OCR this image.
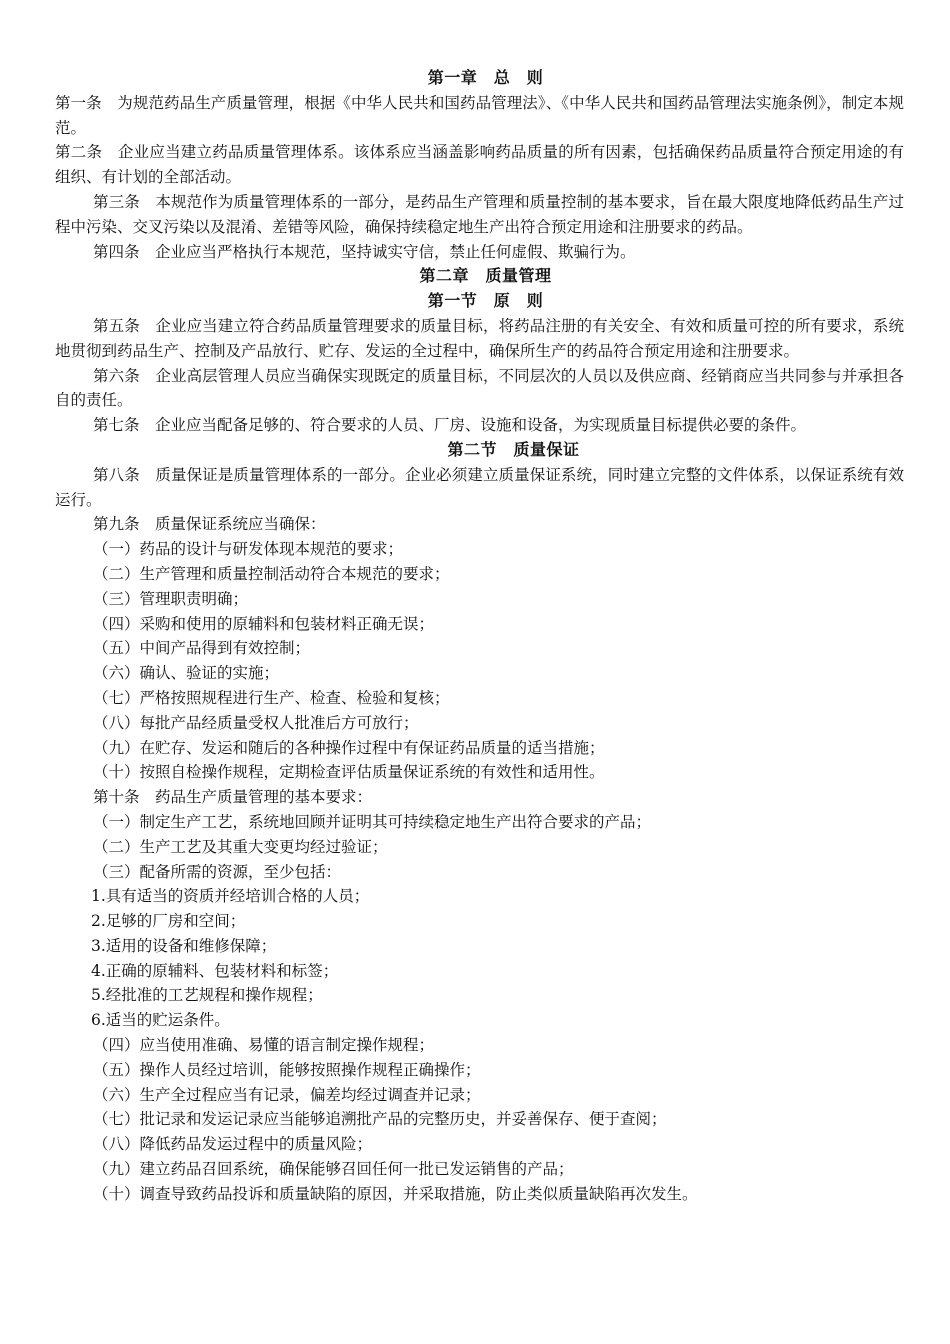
第一章　总　则

第一条　为规范药品生产质量管理，根据《中华人民共和国药品管理法》、《中华人民共和国药品管理法实施条例》，制定本规范。

第二条　企业应当建立药品质量管理体系。该体系应当涵盖影响药品质量的所有因素，包括确保药品质量符合预定用途的有组织、有计划的全部活动。

第三条　本规范作为质量管理体系的一部分，是药品生产管理和质量控制的基本要求，旨在最大限度地降低药品生产过程中污染、交叉污染以及混淆、差错等风险，确保持续稳定地生产出符合预定用途和注册要求的药品。

第四条　企业应当严格执行本规范，坚持诚实守信，禁止任何虚假、欺骗行为。

第二章　质量管理
第一节　原　则

第五条　企业应当建立符合药品质量管理要求的质量目标，将药品注册的有关安全、有效和质量可控的所有要求，系统地贯彻到药品生产、控制及产品放行、贮存、发运的全过程中，确保所生产的药品符合预定用途和注册要求。

第六条　企业高层管理人员应当确保实现既定的质量目标，不同层次的人员以及供应商、经销商应当共同参与并承担各自的责任。

第七条　企业应当配备足够的、符合要求的人员、厂房、设施和设备，为实现质量目标提供必要的条件。

第二节　质量保证

第八条　质量保证是质量管理体系的一部分。企业必须建立质量保证系统，同时建立完整的文件体系，以保证系统有效运行。

第九条　质量保证系统应当确保：

（一）药品的设计与研发体现本规范的要求；

（二）生产管理和质量控制活动符合本规范的要求；

（三）管理职责明确；

（四）采购和使用的原辅料和包装材料正确无误；

（五）中间产品得到有效控制；

（六）确认、验证的实施；

（七）严格按照规程进行生产、检查、检验和复核；

（八）每批产品经质量受权人批准后方可放行；

（九）在贮存、发运和随后的各种操作过程中有保证药品质量的适当措施；

（十）按照自检操作规程，定期检查评估质量保证系统的有效性和适用性。

第十条　药品生产质量管理的基本要求：

（一）制定生产工艺，系统地回顾并证明其可持续稳定地生产出符合要求的产品；

（二）生产工艺及其重大变更均经过验证；

（三）配备所需的资源，至少包括：

1.具有适当的资质并经培训合格的人员；

2.足够的厂房和空间；

3.适用的设备和维修保障；

4.正确的原辅料、包装材料和标签；

5.经批准的工艺规程和操作规程；

6.适当的贮运条件。

（四）应当使用准确、易懂的语言制定操作规程；

（五）操作人员经过培训，能够按照操作规程正确操作；

（六）生产全过程应当有记录，偏差均经过调查并记录；

（七）批记录和发运记录应当能够追溯批产品的完整历史，并妥善保存、便于查阅；

（八）降低药品发运过程中的质量风险；

（九）建立药品召回系统，确保能够召回任何一批已发运销售的产品；

（十）调查导致药品投诉和质量缺陷的原因，并采取措施，防止类似质量缺陷再次发生。
